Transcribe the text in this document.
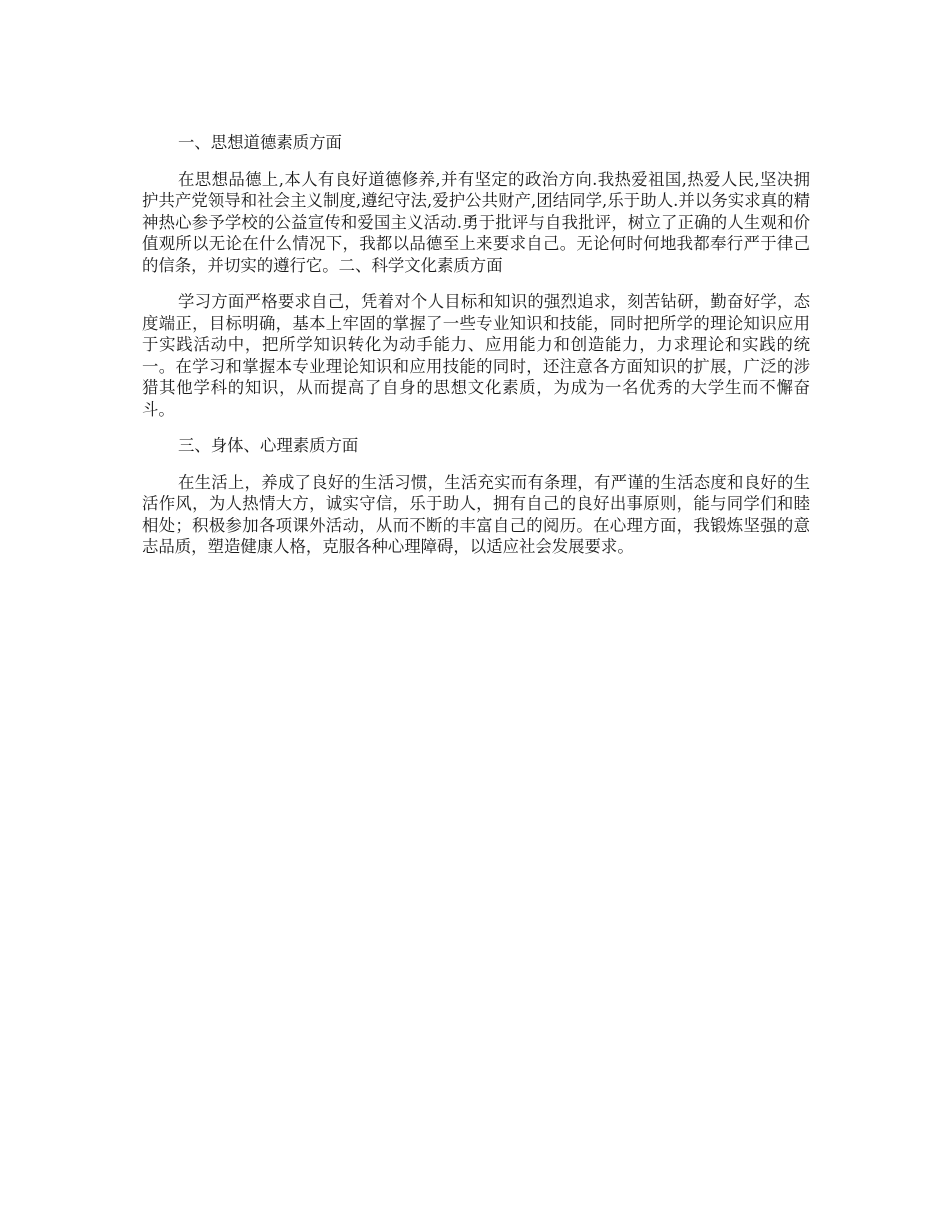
一、思想道德素质方面

在思想品德上,本人有良好道德修养,并有坚定的政治方向.我热爱祖国,热爱人民,坚决拥护共产党领导和社会主义制度,遵纪守法,爱护公共财产,团结同学,乐于助人.并以务实求真的精神热心参予学校的公益宣传和爱国主义活动.勇于批评与自我批评，树立了正确的人生观和价值观所以无论在什么情况下，我都以品德至上来要求自己。无论何时何地我都奉行严于律己的信条，并切实的遵行它。二、科学文化素质方面

学习方面严格要求自己，凭着对个人目标和知识的强烈追求，刻苦钻研，勤奋好学，态度端正，目标明确，基本上牢固的掌握了一些专业知识和技能，同时把所学的理论知识应用于实践活动中，把所学知识转化为动手能力、应用能力和创造能力，力求理论和实践的统一。在学习和掌握本专业理论知识和应用技能的同时，还注意各方面知识的扩展，广泛的涉猎其他学科的知识，从而提高了自身的思想文化素质，为成为一名优秀的大学生而不懈奋斗。

三、身体、心理素质方面

在生活上，养成了良好的生活习惯，生活充实而有条理，有严谨的生活态度和良好的生活作风，为人热情大方，诚实守信，乐于助人，拥有自己的良好出事原则，能与同学们和睦相处；积极参加各项课外活动，从而不断的丰富自己的阅历。在心理方面，我锻炼坚强的意志品质，塑造健康人格，克服各种心理障碍，以适应社会发展要求。
